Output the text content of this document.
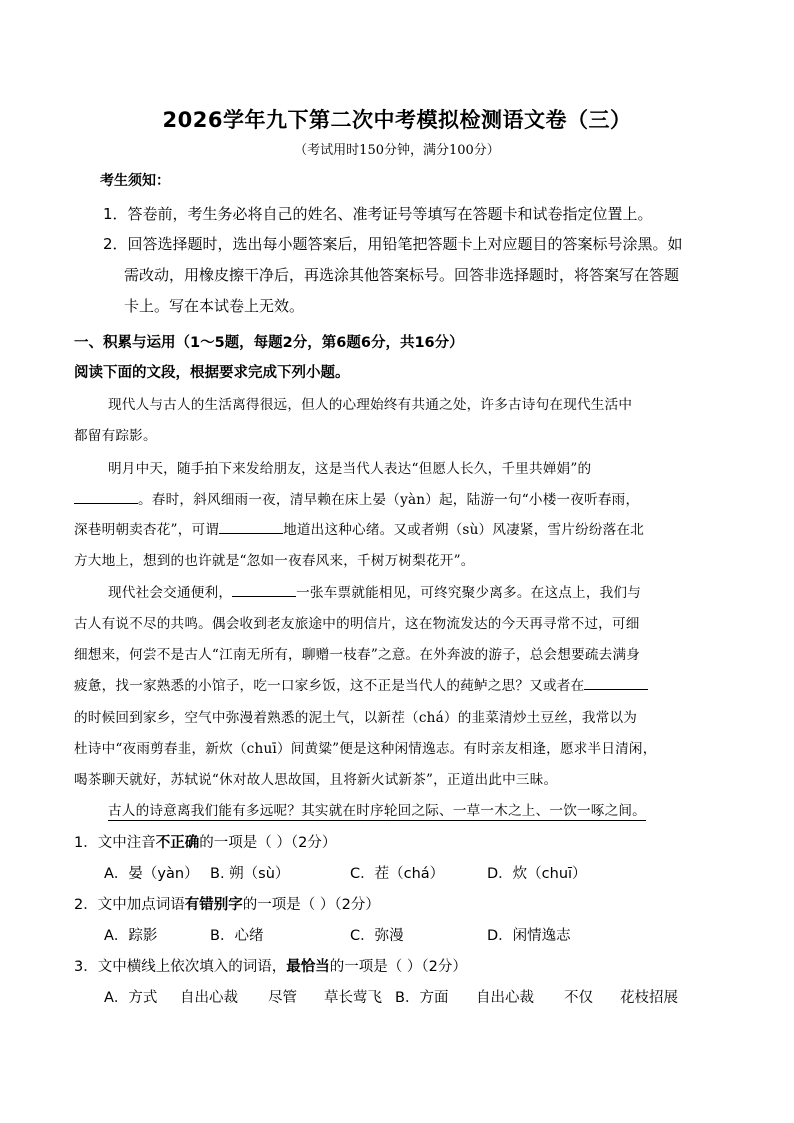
2026学年九下第二次中考模拟检测语文卷（三）
（考试用时150分钟，满分100分）
考生须知：
1．答卷前，考生务必将自己的姓名、准考证号等填写在答题卡和试卷指定位置上。
2．回答选择题时，选出每小题答案后，用铅笔把答题卡上对应题目的答案标号涂黑。如
需改动，用橡皮擦干净后，再选涂其他答案标号。回答非选择题时，将答案写在答题
卡上。写在本试卷上无效。
一、积累与运用（1～5题，每题2分，第6题6分，共16分）
阅读下面的文段，根据要求完成下列小题。
现代人与古人的生活离得很远，但人的心理始终有共通之处，许多古诗句在现代生活中
都留有踪影。
明月中天，随手拍下来发给朋友，这是当代人表达“但愿人长久，千里共婵娟”的
。春时，斜风细雨一夜，清早赖在床上晏（yàn）起，陆游一句“小楼一夜听春雨，
深巷明朝卖杏花”，可谓	地道出这种心绪。又或者朔（sù）风凄紧，雪片纷纷落在北
方大地上，想到的也许就是“忽如一夜春风来，千树万树梨花开”。
现代社会交通便利，	一张车票就能相见，可终究聚少离多。在这点上，我们与
古人有说不尽的共鸣。偶会收到老友旅途中的明信片，这在物流发达的今天再寻常不过，可细
细想来，何尝不是古人“江南无所有，聊赠一枝春”之意。在外奔波的游子，总会想要疏去满身
疲惫，找一家熟悉的小馆子，吃一口家乡饭，这不正是当代人的莼鲈之思？又或者在
的时候回到家乡，空气中弥漫着熟悉的泥土气，以新茬（chá）的韭菜清炒土豆丝，我常以为
杜诗中“夜雨剪春韭，新炊（chuī）间黄粱”便是这种闲情逸志。有时亲友相逢，愿求半日清闲，
喝茶聊天就好，苏轼说“休对故人思故国，且将新火试新茶”，正道出此中三昧。
古人的诗意离我们能有多远呢？其实就在时序轮回之际、一草一木之上、一饮一啄之间。
1．文中注音不正确的一项是（ ）（2分）
A．晏（yàn） B. 朔（sù）	C．茬（chá）	D．炊（chuī）
2．文中加点词语有错别字的一项是（ ）（2分）
A．踪影	B．心绪	C．弥漫	D．闲情逸志
3．文中横线上依次填入的词语，最恰当的一项是（ ）（2分）
A．方式 自出心裁 尽管 草长莺飞 B．方面 自出心裁 不仅 花枝招展
